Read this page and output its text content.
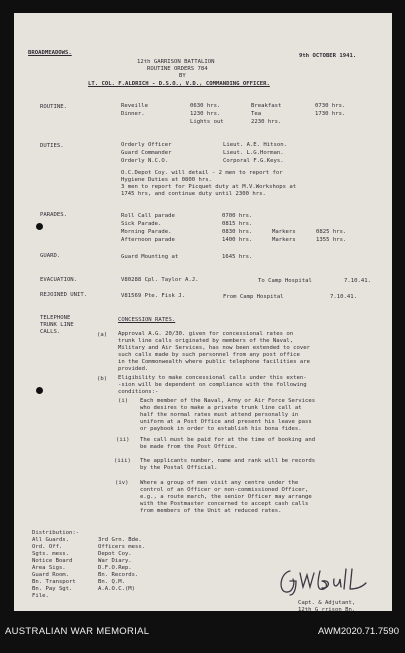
BROADMEADOWS.	9th OCTOBER 1941.
12th GARRISON BATTALION
ROUTINE ORDERS 784
BY
LT. COL. F.ALDRICH - D.S.O., V.D., COMMANDING OFFICER.
ROUTINE.	Reveille	0630 hrs.	Breakfast	0730 hrs.
Dinner.	1230 hrs.	Tea	1730 hrs.
Lights out	2230 hrs.
DUTIES.	Orderly Officer	Lieut. A.E. Hitson.
Guard Commander	Lieut. L.G.Horman.
Orderly N.C.O.	Corporal F.G.Keys.
O.C.Depot Coy. will detail - 2 men to report for
Hygiene Duties at 0800 hrs.
3 men to report for Picquet duty at M.V.Workshops at
1745 hrs, and continue duty until 2300 hrs.
PARADES.	Roll Call parade	0700 hrs.
Sick Parade.	0815 hrs.
Morning Parade.	0830 hrs.	Markers	0825 hrs.
Afternoon parade	1400 hrs.	Markers	1355 hrs.
GUARD.	Guard Mounting at	1645 hrs.
EVACUATION.	V80288 Cpl. Taylor A.J.	To Camp Hospital	7.10.41.
REJOINED UNIT.	V81569 Pte. Fisk J.	From Camp Hospital	7.10.41.
TELEPHONE
TRUNK LINE
CALLS.
CONCESSION RATES.
(a) Approval A.G. 20/30. given for concessional rates on
trunk line calls originated by members of the Naval,
Military and Air Services, has now been extended to cover
such calls made by such personnel from any post office
in the Commonwealth where public telephone facilities are
provided.
(b) Eligibility to make concessional calls under this exten-
-sion will be dependent on compliance with the following
conditions:-
(i) Each member of the Naval, Army or Air Force Services
who desires to make a private trunk line call at
half the normal rates must attend personally in
uniform at a Post Office and present his leave pass
or paybook in order to establish his bona fides.
(ii) The call must be paid for at the time of booking and
be made from the Post Office.
(iii) The applicants number, name and rank will be records
by the Postal Official.
(iv) Where a group of men visit any centre under the
control of an Officer or non-commissioned Officer,
e.g., a route march, the senior Officer may arrange
with the Postmaster concerned to accept cash calls
from members of the Unit at reduced rates.
Distribution:-
All Guards.
Ord. Off.
Sgts. mess.
Notice Board
Area Sigs.
Guard Room.
Bn. Transport
Bn. Pay Sgt.
File.
3rd Grn. Bde.
Officers mess.
Depot Coy.
War Diary.
D.F.O.Rep.
Bn. Records.
Bn. Q.M.
A.A.O.C.(M)
Capt. & Adjutant,
12th G rrison Bn.
AUSTRALIAN WAR MEMORIAL	AWM2020.71.7590
